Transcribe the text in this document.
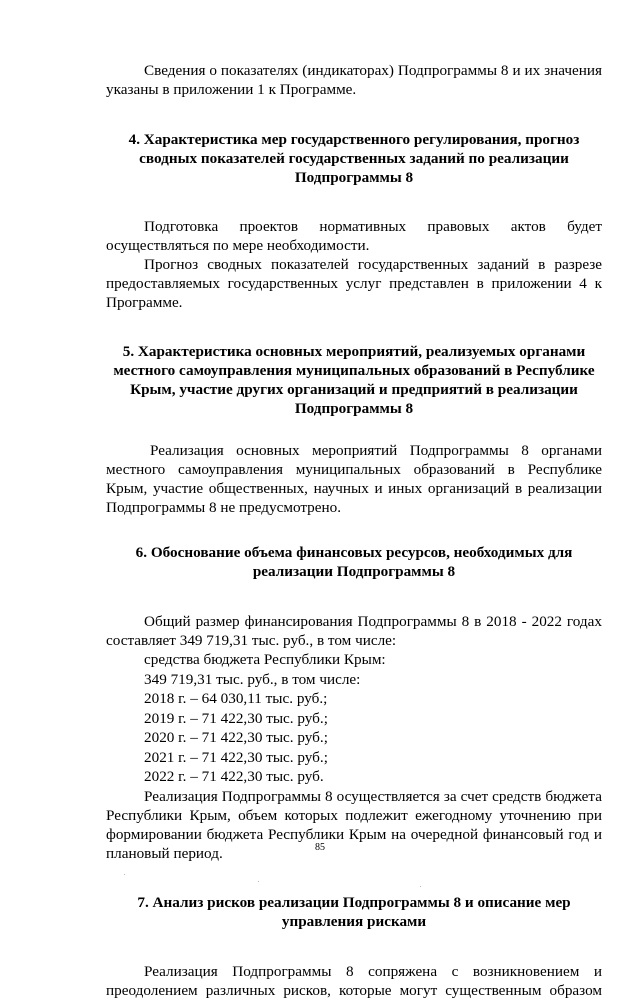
Сведения о показателях (индикаторах) Подпрограммы 8 и их значения указаны в приложении 1 к Программе.

4. Характеристика мер государственного регулирования, прогноз
сводных показателей государственных заданий по реализации
Подпрограммы 8

Подготовка проектов нормативных правовых актов будет

осуществляться по мере необходимости.

Прогноз сводных показателей государственных заданий в разрезе предоставляемых государственных услуг представлен в приложении 4 к Программе.

5. Характеристика основных мероприятий, реализуемых органами
местного самоуправления муниципальных образований в Республике
Крым, участие других организаций и предприятий в реализации
Подпрограммы 8

Реализация основных мероприятий Подпрограммы 8 органами местного самоуправления муниципальных образований в Республике Крым, участие общественных, научных и иных организаций в реализации Подпрограммы 8 не предусмотрено.

6. Обоснование объема финансовых ресурсов, необходимых для
реализации Подпрограммы 8

Общий размер финансирования Подпрограммы 8 в 2018 - 2022 годах составляет 349 719,31 тыс. руб., в том числе:

средства бюджета Республики Крым:
349 719,31 тыс. руб., в том числе:
2018 г. – 64 030,11 тыс. руб.;
2019 г. – 71 422,30 тыс. руб.;
2020 г. – 71 422,30 тыс. руб.;
2021 г. – 71 422,30 тыс. руб.;
2022 г. – 71 422,30 тыс. руб.

Реализация Подпрограммы 8 осуществляется за счет средств бюджета Республики Крым, объем которых подлежит ежегодному уточнению при формировании бюджета Республики Крым на очередной финансовый год и плановый период.

7. Анализ рисков реализации Подпрограммы 8 и описание мер
управления рисками

Реализация Подпрограммы 8 сопряжена с возникновением и преодолением различных рисков, которые могут существенным образом

85
